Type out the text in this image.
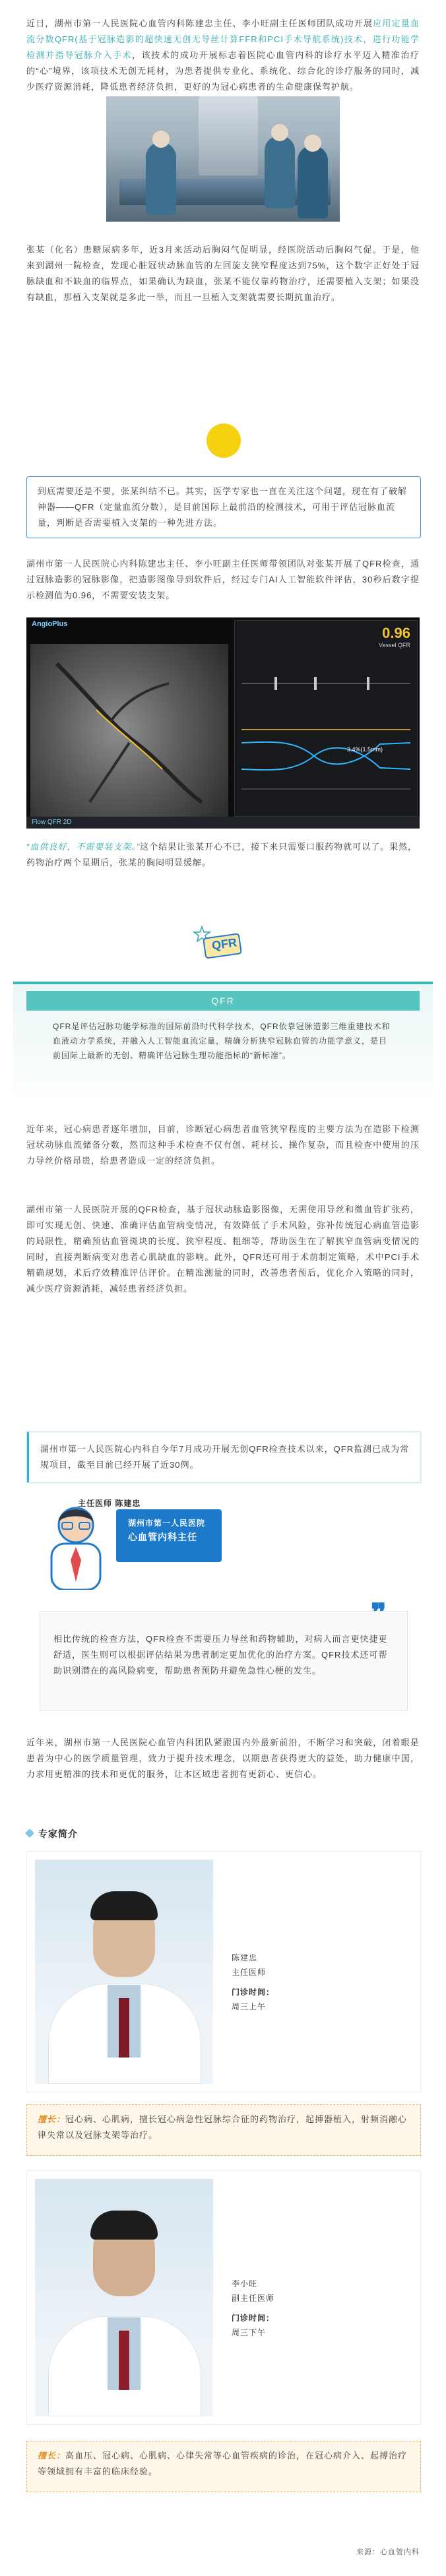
近日，湖州市第一人民医院心血管内科陈建忠主任、李小旺副主任医师团队成功开展应用定量血流分数QFR(基于冠脉造影的超快速无创无导丝计算FFR和PCI手术导航系统)技术，进行功能学检测并指导冠脉介入手术，该技术的成功开展标志着医院心血管内科的诊疗水平迈入精准治疗的“心”境界，该项技术无创无耗材，为患者提供专业化、系统化、综合化的诊疗服务的同时，减少医疗资源消耗，降低患者经济负担，更好的为冠心病患者的生命健康保驾护航。

张某（化名）患糖尿病多年，近3月来活动后胸闷气促明显，经医院活动后胸闷气促。于是，他来到湖州一院检查，发现心脏冠状动脉血管的左回旋支狭窄程度达到75%，这个数字正好处于冠脉缺血和不缺血的临界点，如果确认为缺血，张某不能仅靠药物治疗，还需要植入支架；如果没有缺血，那植入支架就是多此一举，而且一旦植入支架就需要长期抗血治疗。

到底需要还是不要，张某纠结不已。其实，医学专家也一直在关注这个问题，现在有了破解神器——QFR（定量血流分数），是目前国际上最前沿的检测技术，可用于评估冠脉血流量，判断是否需要植入支架的一种先进方法。

湖州市第一人民医院心内科陈建忠主任、李小旺副主任医师带领团队对张某开展了QFR检查，通过冠脉造影的冠脉影像，把造影图像导到软件后，经过专门AI人工智能软件评估，30秒后数字提示检测值为0.96，不需要安装支架。

AngioPlus
0.96
Vessel QFR
3.4%(1.5mm)
Flow QFR 2D

“血供良好，不需要装支架。”这个结果让张某开心不已，接下来只需要口服药物就可以了。果然，药物治疗两个星期后，张某的胸闷明显缓解。

QFR
QFR

QFR是评估冠脉功能学标准的国际前沿时代科学技术，QFR依靠冠脉造影三维重建技术和血液动力学系统，并融入人工智能血流定量，精确分析狭窄冠脉血管的功能学意义，是目前国际上最新的无创、精确评估冠脉生理功能指标的“新标准”。

近年来，冠心病患者逐年增加，目前，诊断冠心病患者血管狭窄程度的主要方法为在造影下检测冠状动脉血流储备分数，然而这种手术检查不仅有创、耗材长、操作复杂，而且检查中使用的压力导丝价格昂贵，给患者造成一定的经济负担。

湖州市第一人民医院开展的QFR检查，基于冠状动脉造影图像，无需使用导丝和微血管扩张药，即可实现无创、快速、准确评估血管病变情况，有效降低了手术风险，弥补传统冠心病血管造影的局限性，精确预估血管斑块的长度、狭窄程度、粗细等，帮助医生在了解狭窄血管病变情况的同时，直接判断病变对患者心肌缺血的影响。此外，QFR还可用于术前制定策略，术中PCI手术精确规划，术后疗效精准评估评价。在精准测量的同时，改善患者预后，优化介入策略的同时，减少医疗资源消耗，减轻患者经济负担。

湖州市第一人民医院心内科自今年7月成功开展无创QFR检查技术以来，QFR监测已成为常规项目，截至目前已经开展了近30例。
主任医师 陈建忠
湖州市第一人民医院
心血管内科主任
相比传统的检查方法，QFR检查不需要压力导丝和药物辅助，对病人而言更快捷更舒适，医生则可以根据评估结果为患者制定更加优化的治疗方案。QFR技术还可帮助识别潜在的高风险病变，帮助患者预防并避免急性心梗的发生。

近年来，湖州市第一人民医院心血管内科团队紧跟国内外最新前沿，不断学习和突破，闭着眼是患者为中心的医学质量管理，致力于提升技术理念，以期患者获得更大的益处，助力健康中国，力求用更精准的技术和更优的服务，让本区域患者拥有更新心、更信心。

专家简介
陈建忠
主任医师
门诊时间：
周三上午
擅长：冠心病、心肌病，擅长冠心病急性冠脉综合征的药物治疗，起搏器植入，射频消融心律失常以及冠脉支架等治疗。
李小旺
副主任医师
门诊时间：
周三下午
擅长：高血压、冠心病、心肌病、心律失常等心血管疾病的诊治，在冠心病介入、起搏治疗等领域拥有丰富的临床经验。
来源：心血管内科
